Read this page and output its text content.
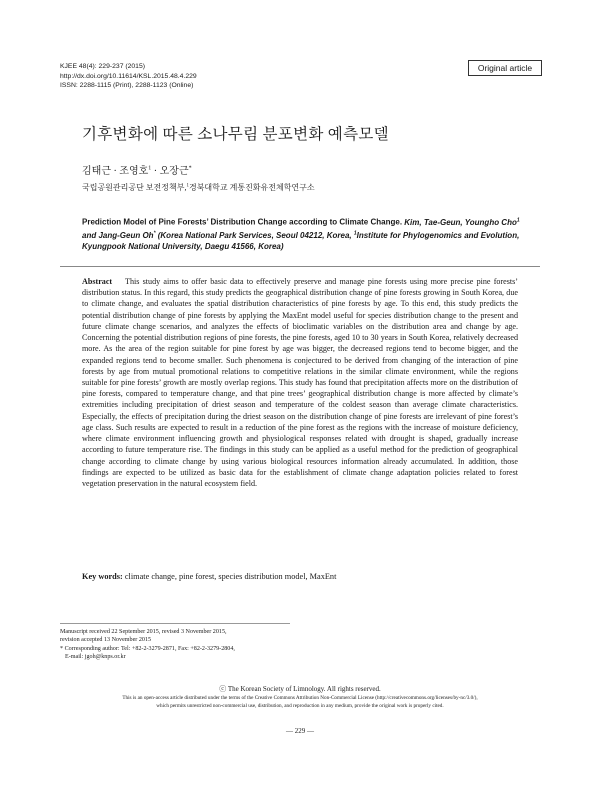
KJEE 48(4): 229-237 (2015)
http://dx.doi.org/10.11614/KSL.2015.48.4.229
ISSN: 2288-1115 (Print), 2288-1123 (Online)
Original article
기후변화에 따른 소나무림 분포변화 예측모델
김태근 · 조영호$^1$ · 오장근*
국립공원관리공단 보전정책부,$^1$경북대학교 계통진화유전체학연구소
Prediction Model of Pine Forests’ Distribution Change according to Climate Change. Kim, Tae-Geun, Youngho Cho$^1$ and Jang-Geun Oh* (Korea National Park Services, Seoul 04212, Korea, $^1$Institute for Phylogenomics and Evolution, Kyungpook National University, Daegu 41566, Korea)
Abstract This study aims to offer basic data to effectively preserve and manage pine forests using more precise pine forests’ distribution status. In this regard, this study predicts the geographical distribution change of pine forests growing in South Korea, due to climate change, and evaluates the spatial distribution characteristics of pine forests by age. To this end, this study predicts the potential distribution change of pine forests by applying the MaxEnt model useful for species distribution change to the present and future climate change scenarios, and analyzes the effects of bioclimatic variables on the distribution area and change by age. Concerning the potential distribution regions of pine forests, the pine forests, aged 10 to 30 years in South Korea, relatively decreased more. As the area of the region suitable for pine forest by age was bigger, the decreased regions tend to become bigger, and the expanded regions tend to become smaller. Such phenomena is conjectured to be derived from changing of the interaction of pine forests by age from mutual promotional relations to competitive relations in the similar climate environment, while the regions suitable for pine forests’ growth are mostly overlap regions. This study has found that precipitation affects more on the distribution of pine forests, compared to temperature change, and that pine trees’ geographical distribution change is more affected by climate’s extremities including precipitation of driest season and temperature of the coldest season than average climate characteristics. Especially, the effects of precipitation during the driest season on the distribution change of pine forests are irrelevant of pine forest’s age class. Such results are expected to result in a reduction of the pine forest as the regions with the increase of moisture deficiency, where climate environment influencing growth and physiological responses related with drought is shaped, gradually increase according to future temperature rise. The findings in this study can be applied as a useful method for the prediction of geographical change according to climate change by using various biological resources information already accumulated. In addition, those findings are expected to be utilized as basic data for the establishment of climate change adaptation policies related to forest vegetation preservation in the natural ecosystem field.
Key words: climate change, pine forest, species distribution model, MaxEnt
Manuscript received 22 September 2015, revised 3 November 2015,
revision accepted 13 November 2015
* Corresponding author: Tel: +82-2-3279-2871, Fax: +82-2-3279-2804,
E-mail: jgoh@knps.or.kr
ⓒ The Korean Society of Limnology. All rights reserved.
This is an open-access article distributed under the terms of the Creative Commons Attribution Non-Commercial License (http://creativecommons.org/licenses/by-nc/3.0/),
which permits unrestricted non-commercial use, distribution, and reproduction in any medium, provide the original work is properly cited.
— 229 —
